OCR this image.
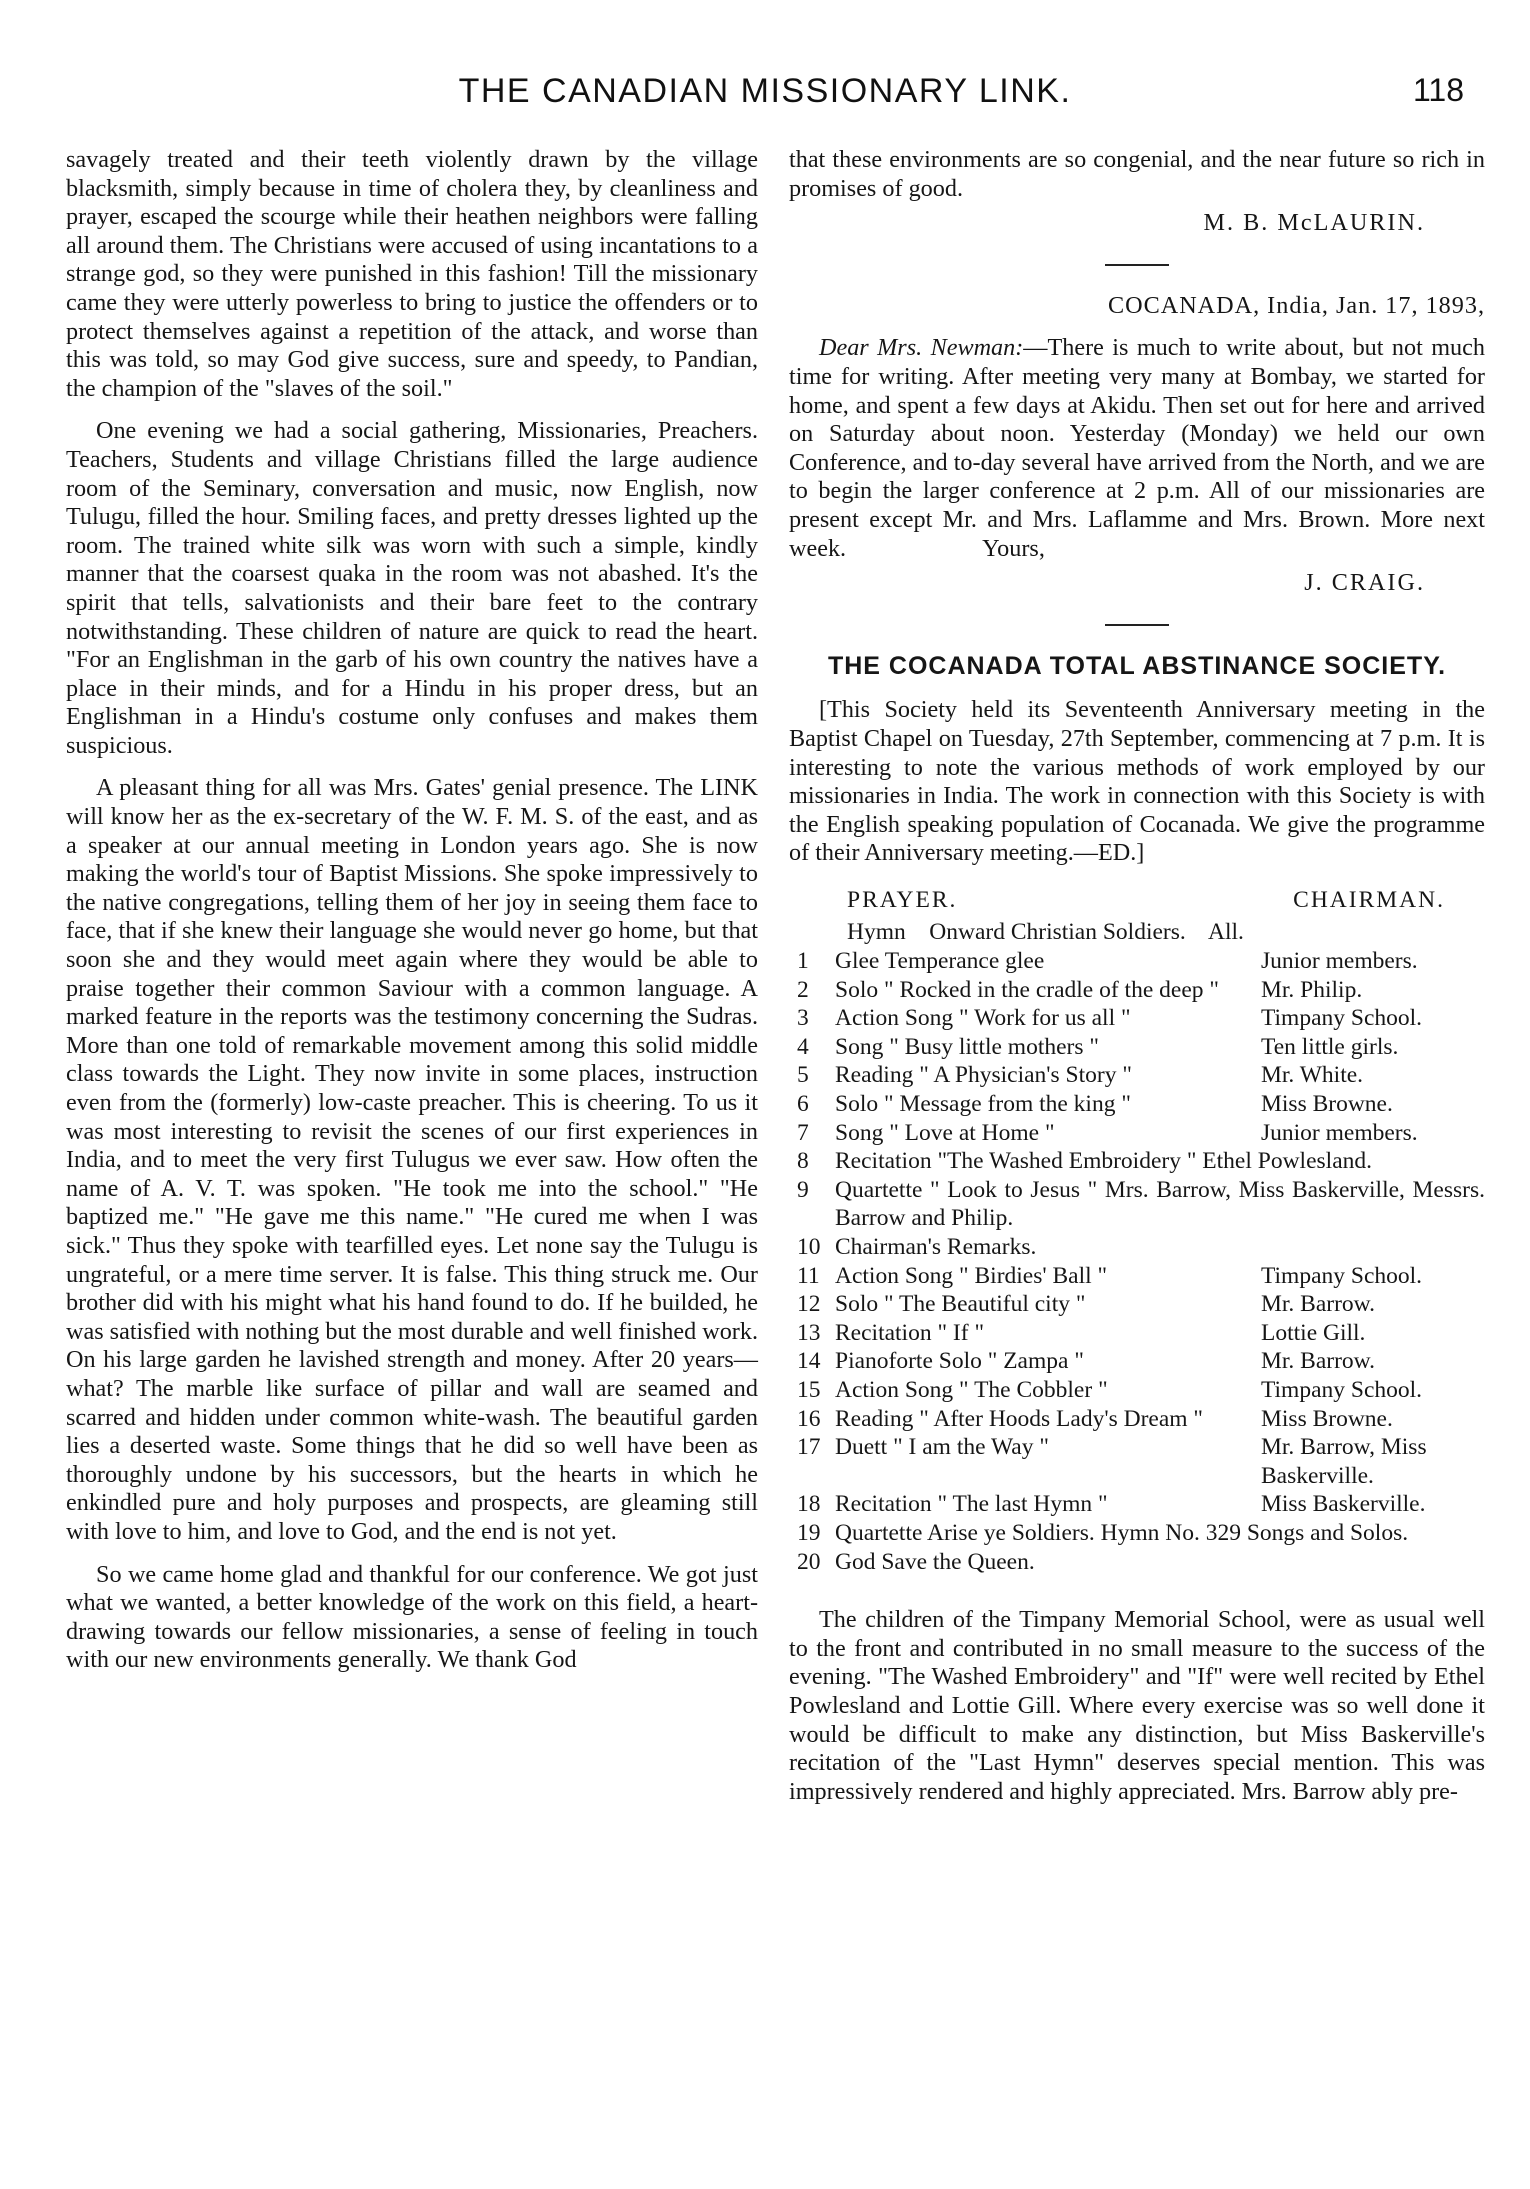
THE CANADIAN MISSIONARY LINK.	118

savagely treated and their teeth violently drawn by the village blacksmith, simply because in time of cholera they, by cleanliness and prayer, escaped the scourge while their heathen neighbors were falling all around them. The Christians were accused of using incantations to a strange god, so they were punished in this fashion! Till the missionary came they were utterly powerless to bring to justice the offenders or to protect themselves against a repetition of the attack, and worse than this was told, so may God give success, sure and speedy, to Pandian, the champion of the "slaves of the soil."

One evening we had a social gathering, Missionaries, Preachers. Teachers, Students and village Christians filled the large audience room of the Seminary, conversation and music, now English, now Tulugu, filled the hour. Smiling faces, and pretty dresses lighted up the room. The trained white silk was worn with such a simple, kindly manner that the coarsest quaka in the room was not abashed. It's the spirit that tells, salvationists and their bare feet to the contrary notwithstanding. These children of nature are quick to read the heart. "For an Englishman in the garb of his own country the natives have a place in their minds, and for a Hindu in his proper dress, but an Englishman in a Hindu's costume only confuses and makes them suspicious.

A pleasant thing for all was Mrs. Gates' genial presence. The LINK will know her as the ex-secretary of the W. F. M. S. of the east, and as a speaker at our annual meeting in London years ago. She is now making the world's tour of Baptist Missions. She spoke impressively to the native congregations, telling them of her joy in seeing them face to face, that if she knew their language she would never go home, but that soon she and they would meet again where they would be able to praise together their common Saviour with a common language. A marked feature in the reports was the testimony concerning the Sudras. More than one told of remarkable movement among this solid middle class towards the Light. They now invite in some places, instruction even from the (formerly) low-caste preacher. This is cheering. To us it was most interesting to revisit the scenes of our first experiences in India, and to meet the very first Tulugus we ever saw. How often the name of A. V. T. was spoken. "He took me into the school." "He baptized me." "He gave me this name." "He cured me when I was sick." Thus they spoke with tearfilled eyes. Let none say the Tulugu is ungrateful, or a mere time server. It is false. This thing struck me. Our brother did with his might what his hand found to do. If he builded, he was satisfied with nothing but the most durable and well finished work. On his large garden he lavished strength and money. After 20 years—what? The marble like surface of pillar and wall are seamed and scarred and hidden under common white-wash. The beautiful garden lies a deserted waste. Some things that he did so well have been as thoroughly undone by his successors, but the hearts in which he enkindled pure and holy purposes and prospects, are gleaming still with love to him, and love to God, and the end is not yet.

So we came home glad and thankful for our conference. We got just what we wanted, a better knowledge of the work on this field, a heart-drawing towards our fellow missionaries, a sense of feeling in touch with our new environments generally. We thank God

that these environments are so congenial, and the near future so rich in promises of good.

M. B. McLAURIN.

COCANADA, India, Jan. 17, 1893,

Dear Mrs. Newman:—There is much to write about, but not much time for writing. After meeting very many at Bombay, we started for home, and spent a few days at Akidu. Then set out for here and arrived on Saturday about noon. Yesterday (Monday) we held our own Conference, and to-day several have arrived from the North, and we are to begin the larger conference at 2 p.m. All of our missionaries are present except Mr. and Mrs. Laflamme and Mrs. Brown. More next week.	Yours,

J. CRAIG.

THE COCANADA TOTAL ABSTINANCE SOCIETY.

[This Society held its Seventeenth Anniversary meeting in the Baptist Chapel on Tuesday, 27th September, commencing at 7 p.m. It is interesting to note the various methods of work employed by our missionaries in India. The work in connection with this Society is with the English speaking population of Cocanada. We give the programme of their Anniversary meeting.—ED.]

PRAYER.	CHAIRMAN.
Hymn    Onward Christian Soldiers.    All.
1	Glee Temperance glee	Junior members.
2	Solo " Rocked in the cradle of the deep "	Mr. Philip.
3	Action Song " Work for us all "	Timpany School.
4	Song " Busy little mothers "	Ten little girls.
5	Reading " A Physician's Story "	Mr. White.
6	Solo " Message from the king "	Miss Browne.
7	Song " Love at Home "	Junior members.
8	Recitation "The Washed Embroidery " Ethel Powlesland.
9	Quartette " Look to Jesus " Mrs. Barrow, Miss Baskerville, Messrs. Barrow and Philip.
10 Chairman's Remarks.
11 Action Song " Birdies' Ball "	Timpany School.
12 Solo " The Beautiful city "	Mr. Barrow.
13 Recitation " If "	Lottie Gill.
14 Pianoforte Solo " Zampa "	Mr. Barrow.
15 Action Song " The Cobbler "	Timpany School.
16 Reading " After Hoods Lady's Dream "	Miss Browne.
17 Duett " I am the Way "	Mr. Barrow, Miss Baskerville.
18 Recitation " The last Hymn "	Miss Baskerville.
19 Quartette Arise ye Soldiers. Hymn No. 329 Songs and Solos.
20 God Save the Queen.

The children of the Timpany Memorial School, were as usual well to the front and contributed in no small measure to the success of the evening. "The Washed Embroidery" and "If" were well recited by Ethel Powlesland and Lottie Gill. Where every exercise was so well done it would be difficult to make any distinction, but Miss Baskerville's recitation of the "Last Hymn" deserves special mention. This was impressively rendered and highly appreciated. Mrs. Barrow ably pre-
